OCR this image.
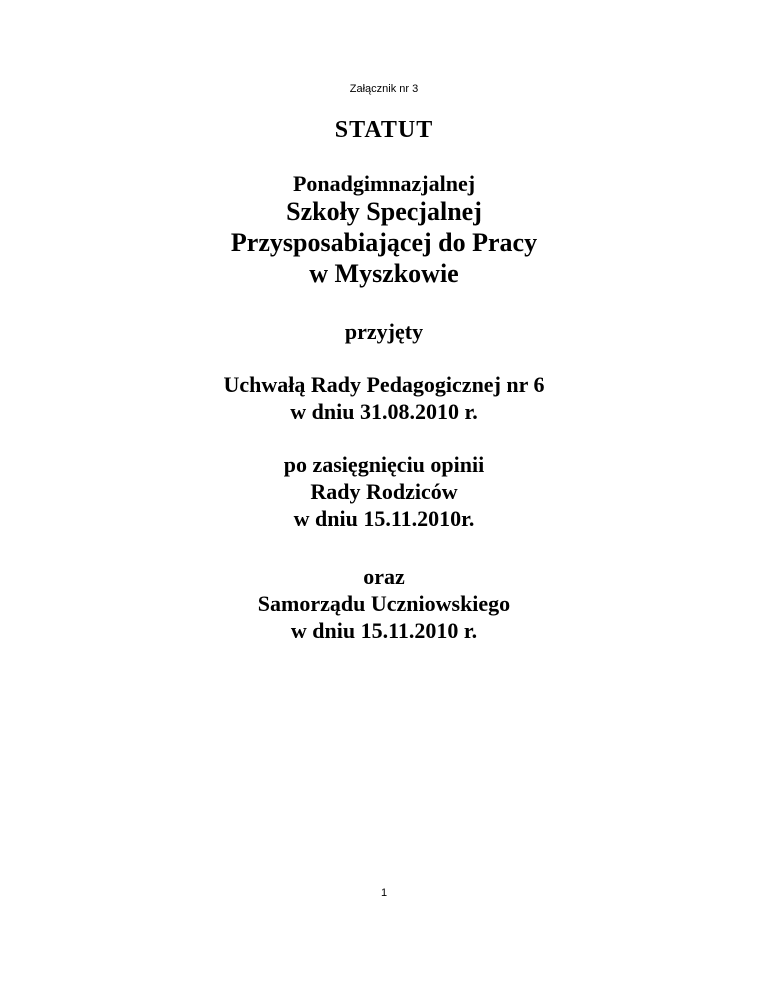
Załącznik nr 3

STATUT

Ponadgimnazjalnej

Szkoły Specjalnej

Przysposabiającej do Pracy

w Myszkowie

przyjęty

Uchwałą Rady Pedagogicznej nr 6

w dniu 31.08.2010 r.

po zasięgnięciu opinii

Rady Rodziców

w dniu 15.11.2010r.

oraz

Samorządu Uczniowskiego

w dniu 15.11.2010 r.

1
